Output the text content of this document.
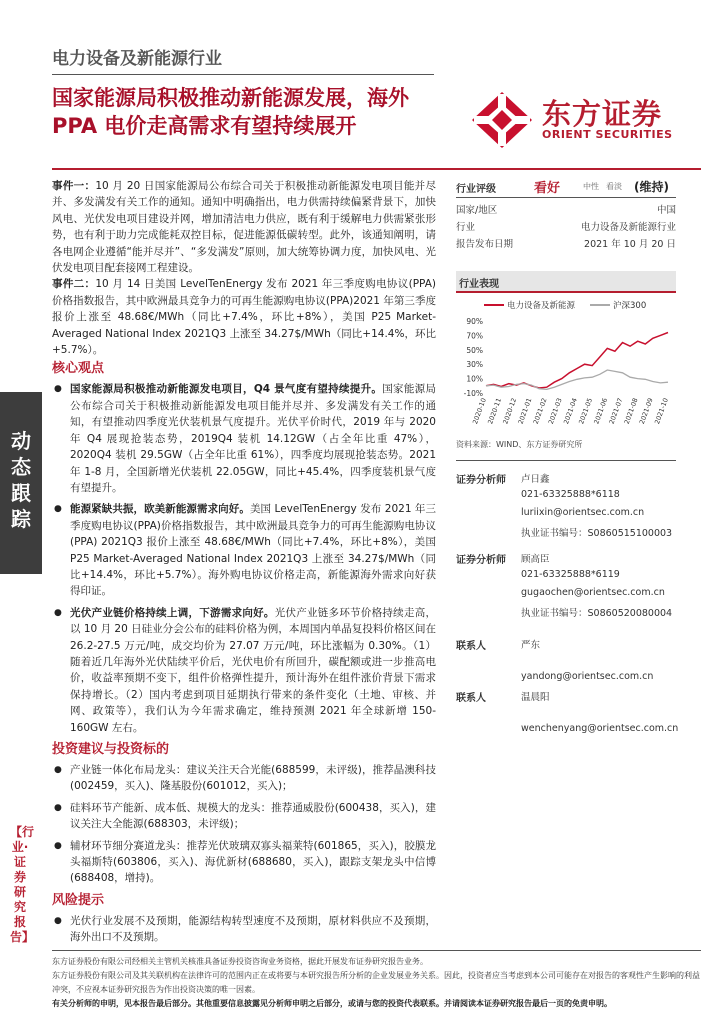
电力设备及新能源行业
国家能源局积极推动新能源发展，海外
PPA 电价走高需求有望持续展开	东方证券
ORIENT SECURITIES
动态跟踪
【行业·证券研究报告】

事件一：10 月 20 日国家能源局公布综合司关于积极推动新能源发电项目能并尽并、多发满发有关工作的通知。通知中明确指出，电力供需持续偏紧背景下，加快风电、光伏发电项目建设并网，增加清洁电力供应，既有利于缓解电力供需紧张形势，也有利于助力完成能耗双控目标，促进能源低碳转型。此外，该通知阐明，请各电网企业遵循“能并尽并”、“多发满发”原则，加大统筹协调力度，加快风电、光伏发电项目配套接网工程建设。

事件二：10 月 14 日美国 LevelTenEnergy 发布 2021 年三季度购电协议(PPA)价格指数报告，其中欧洲最具竞争力的可再生能源购电协议(PPA)2021 年第三季度报价上涨至 48.68€/MWh（同比+7.4%，环比+8%），美国 P25 Market-Averaged National Index 2021Q3 上涨至 34.27$/MWh（同比+14.4%，环比+5.7%）。

核心观点
● 国家能源局积极推动新能源发电项目，Q4 景气度有望持续提升。国家能源局公布综合司关于积极推动新能源发电项目能并尽并、多发满发有关工作的通知，有望推动四季度光伏装机景气度提升。光伏平价时代，2019 年与 2020 年 Q4 展现抢装态势，2019Q4 装机 14.12GW（占全年比重 47%），2020Q4 装机 29.5GW（占全年比重 61%），四季度均展现抢装态势。2021 年 1-8 月，全国新增光伏装机 22.05GW，同比+45.4%，四季度装机景气度有望提升。
● 能源紧缺共振，欧美新能源需求向好。美国 LevelTenEnergy 发布 2021 年三季度购电协议(PPA)价格指数报告，其中欧洲最具竞争力的可再生能源购电协议(PPA) 2021Q3 报价上涨至 48.68€/MWh（同比+7.4%，环比+8%），美国 P25 Market-Averaged National Index 2021Q3 上涨至 34.27$/MWh（同比+14.4%，环比+5.7%）。海外购电协议价格走高，新能源海外需求向好获得印证。
● 光伏产业链价格持续上调，下游需求向好。光伏产业链多环节价格持续走高，以 10 月 20 日硅业分会公布的硅料价格为例，本周国内单晶复投料价格区间在 26.2-27.5 万元/吨，成交均价为 27.07 万元/吨，环比涨幅为 0.30%。（1）随着近几年海外光伏陆续平价后，光伏电价有所回升，碳配额或进一步推高电价，收益率预期不变下，组件价格弹性提升，预计海外在组件涨价背景下需求保持增长。（2）国内考虑到项目延期执行带来的条件变化（土地、审核、并网、政策等），我们认为今年需求确定，维持预测 2021 年全球新增 150-160GW 左右。
投资建议与投资标的
● 产业链一体化布局龙头：建议关注天合光能(688599，未评级)，推荐晶澳科技(002459，买入)、隆基股份(601012，买入)；
● 硅料环节产能新、成本低、规模大的龙头：推荐通威股份(600438，买入)，建议关注大全能源(688303，未评级)；
● 辅材环节细分赛道龙头：推荐光伏玻璃双寡头福莱特(601865，买入)，胶膜龙头福斯特(603806，买入)、海优新材(688680，买入)，跟踪支架龙头中信博(688408，增持)。
风险提示
● 光伏行业发展不及预期，能源结构转型速度不及预期，原材料供应不及预期，海外出口不及预期。
行业评级	看好	中性 看淡 (维持)
国家/地区	中国
行业	电力设备及新能源行业
报告发布日期	2021 年 10 月 20 日
行业表现
电力设备及新能源	沪深300
90%
70%
50%
30%
10%
-10%
2020-10
2020-11
2020-12
2021-01
2021-02
2021-03
2021-04
2021-05
2021-06
2021-07
2021-08
2021-09
2021-10
资料来源：WIND、东方证券研究所
证券分析师 卢日鑫
021-63325888*6118
luriixin@orientsec.com.cn
执业证书编号：S0860515100003
证券分析师 顾高臣
021-63325888*6119
gugaochen@orientsec.com.cn
执业证书编号：S0860520080004
联系人	严东
yandong@orientsec.com.cn
联系人	温晨阳
wenchenyang@orientsec.com.cn
东方证券股份有限公司经相关主管机关核准具备证券投资咨询业务资格，据此开展发布证券研究报告业务。
东方证券股份有限公司及其关联机构在法律许可的范围内正在或将要与本研究报告所分析的企业发展业务关系。因此，投资者应当考虑到本公司可能存在对报告的客观性产生影响的利益冲突，不应视本证券研究报告为作出投资决策的唯一因素。
有关分析师的申明，见本报告最后部分。其他重要信息披露见分析师申明之后部分，或请与您的投资代表联系。并请阅读本证券研究报告最后一页的免责申明。
